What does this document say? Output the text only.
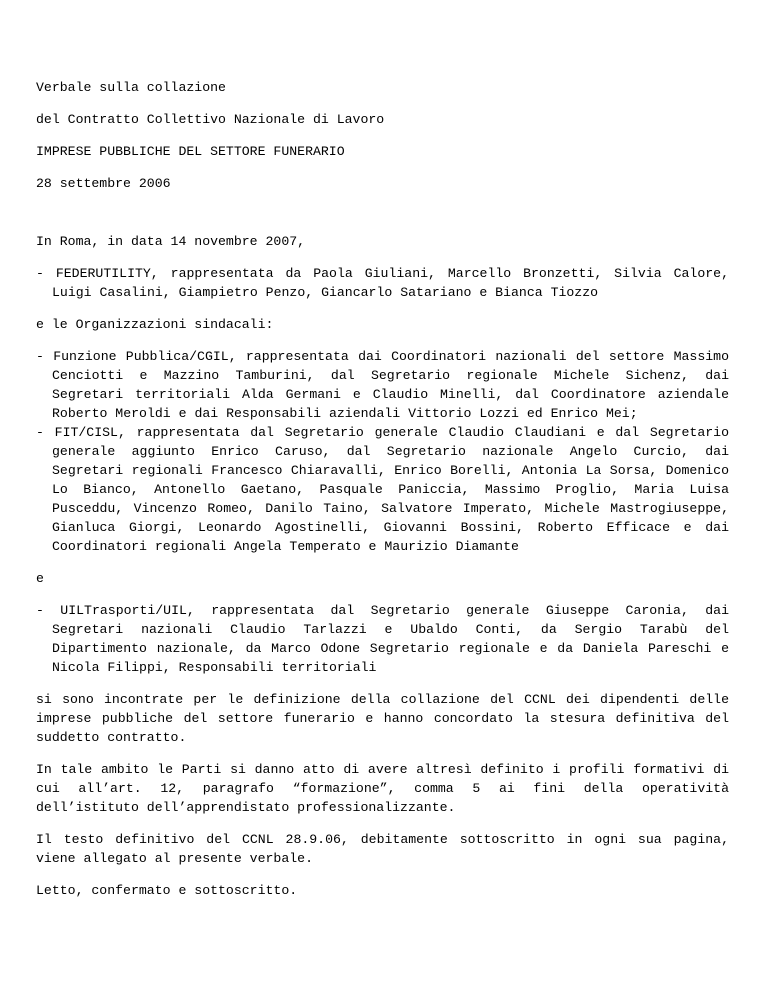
Verbale sulla collazione

del Contratto Collettivo Nazionale di Lavoro

IMPRESE PUBBLICHE DEL SETTORE FUNERARIO

28 settembre 2006

In Roma, in data 14 novembre 2007,

- FEDERUTILITY, rappresentata da Paola Giuliani, Marcello Bronzetti, Silvia Calore, Luigi Casalini, Giampietro Penzo, Giancarlo Satariano e Bianca Tiozzo

e le Organizzazioni sindacali:

- Funzione Pubblica/CGIL, rappresentata dai Coordinatori nazionali del settore Massimo Cenciotti e Mazzino Tamburini, dal Segretario regionale Michele Sichenz, dai Segretari territoriali Alda Germani e Claudio Minelli, dal Coordinatore aziendale Roberto Meroldi e dai Responsabili aziendali Vittorio Lozzi ed Enrico Mei;

- FIT/CISL, rappresentata dal Segretario generale Claudio Claudiani e dal Segretario generale aggiunto Enrico Caruso, dal Segretario nazionale Angelo Curcio, dai Segretari regionali Francesco Chiaravalli, Enrico Borelli, Antonia La Sorsa, Domenico Lo Bianco, Antonello Gaetano, Pasquale Paniccia, Massimo Proglio, Maria Luisa Pusceddu, Vincenzo Romeo, Danilo Taino, Salvatore Imperato, Michele Mastrogiuseppe, Gianluca Giorgi, Leonardo Agostinelli, Giovanni Bossini, Roberto Efficace e dai Coordinatori regionali Angela Temperato e Maurizio Diamante

e

- UILTrasporti/UIL, rappresentata dal Segretario generale Giuseppe Caronia, dai Segretari nazionali Claudio Tarlazzi e Ubaldo Conti, da Sergio Tarabù del Dipartimento nazionale, da Marco Odone Segretario regionale e da Daniela Pareschi e Nicola Filippi, Responsabili territoriali

si sono incontrate per le definizione della collazione del CCNL dei dipendenti delle imprese pubbliche del settore funerario e hanno concordato la stesura definitiva del suddetto contratto.

In tale ambito le Parti si danno atto di avere altresì definito i profili formativi di cui all’art. 12, paragrafo “formazione”, comma 5 ai fini della operatività dell’istituto dell’apprendistato professionalizzante.

Il testo definitivo del CCNL 28.9.06, debitamente sottoscritto in ogni sua pagina, viene allegato al presente verbale.

Letto, confermato e sottoscritto.
